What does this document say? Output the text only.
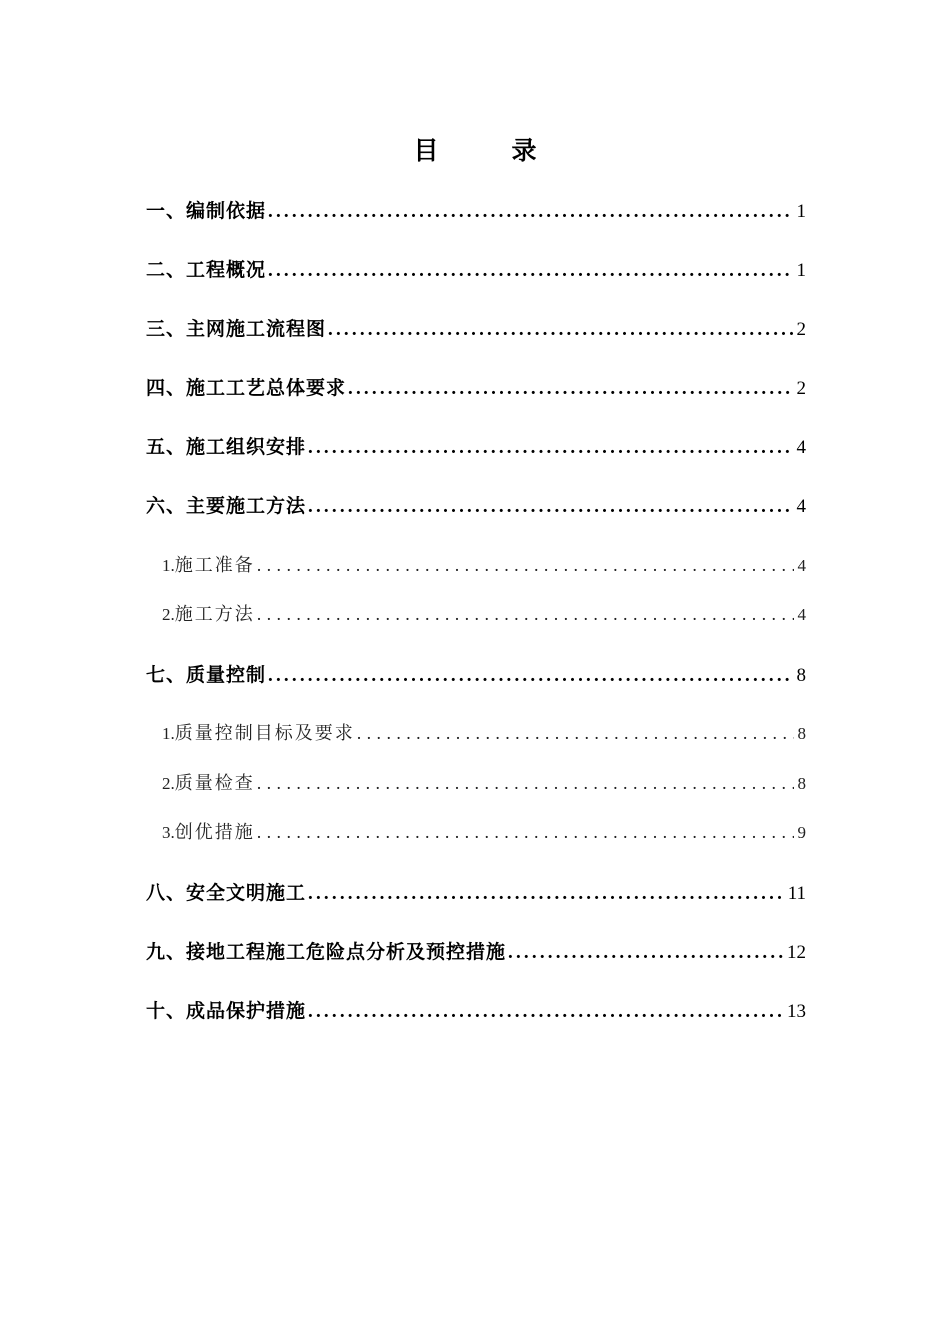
目　录
一、编制依据 .....	1
二、工程概况 .....	1
三、主网施工流程图 .....	2
四、施工工艺总体要求 .....	2
五、施工组织安排 .....	4
六、主要施工方法 .....	4
1. 施工准备 .....	4
2. 施工方法 .....	4
七、质量控制 .....	8
1. 质量控制目标及要求 .....	8
2. 质量检查 .....	8
3. 创优措施 .....	9
八、安全文明施工 .....	11
九、接地工程施工危险点分析及预控措施 .....	12
十、成品保护措施 .....	13
